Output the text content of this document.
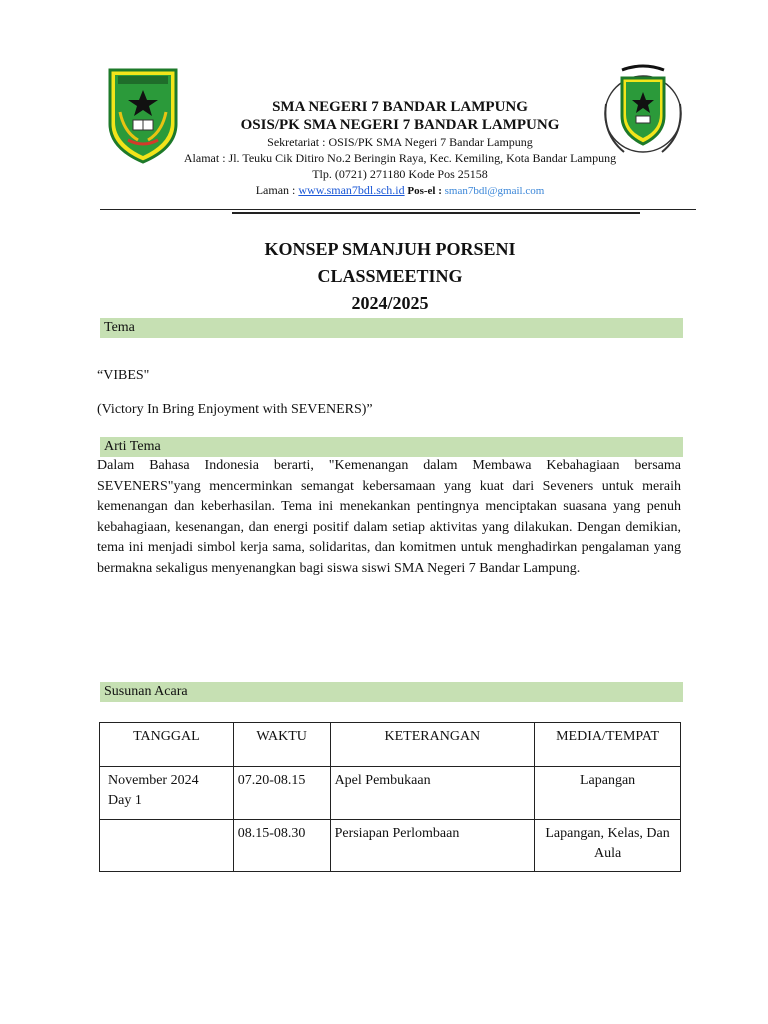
SMA NEGERI 7 BANDAR LAMPUNG
OSIS/PK SMA NEGERI 7 BANDAR LAMPUNG
Sekretariat : OSIS/PK SMA Negeri 7 Bandar Lampung
Alamat : Jl. Teuku Cik Ditiro No.2 Beringin Raya, Kec. Kemiling, Kota Bandar Lampung
Tlp. (0721) 271180 Kode Pos 25158
Laman : www.sman7bdl.sch.id Pos-el : sman7bdl@gmail.com
KONSEP SMANJUH PORSENI
CLASSMEETING
2024/2025
Tema
“VIBES"
(Victory In Bring Enjoyment with SEVENERS)”
Arti Tema
Dalam Bahasa Indonesia berarti, "Kemenangan dalam Membawa Kebahagiaan bersama SEVENERS"yang mencerminkan semangat kebersamaan yang kuat dari Seveners untuk meraih kemenangan dan keberhasilan. Tema ini menekankan pentingnya menciptakan suasana yang penuh kebahagiaan, kesenangan, dan energi positif dalam setiap aktivitas yang dilakukan. Dengan demikian, tema ini menjadi simbol kerja sama, solidaritas, dan komitmen untuk menghadirkan pengalaman yang bermakna sekaligus menyenangkan bagi siswa siswi SMA Negeri 7 Bandar Lampung.
Susunan Acara
TANGGAL	WAKTU	KETERANGAN	MEDIA/TEMPAT

November 2024
Day 1	07.20-08.15	Apel Pembukaan	Lapangan

	08.15-08.30	Persiapan Perlombaan	Lapangan, Kelas, Dan Aula
